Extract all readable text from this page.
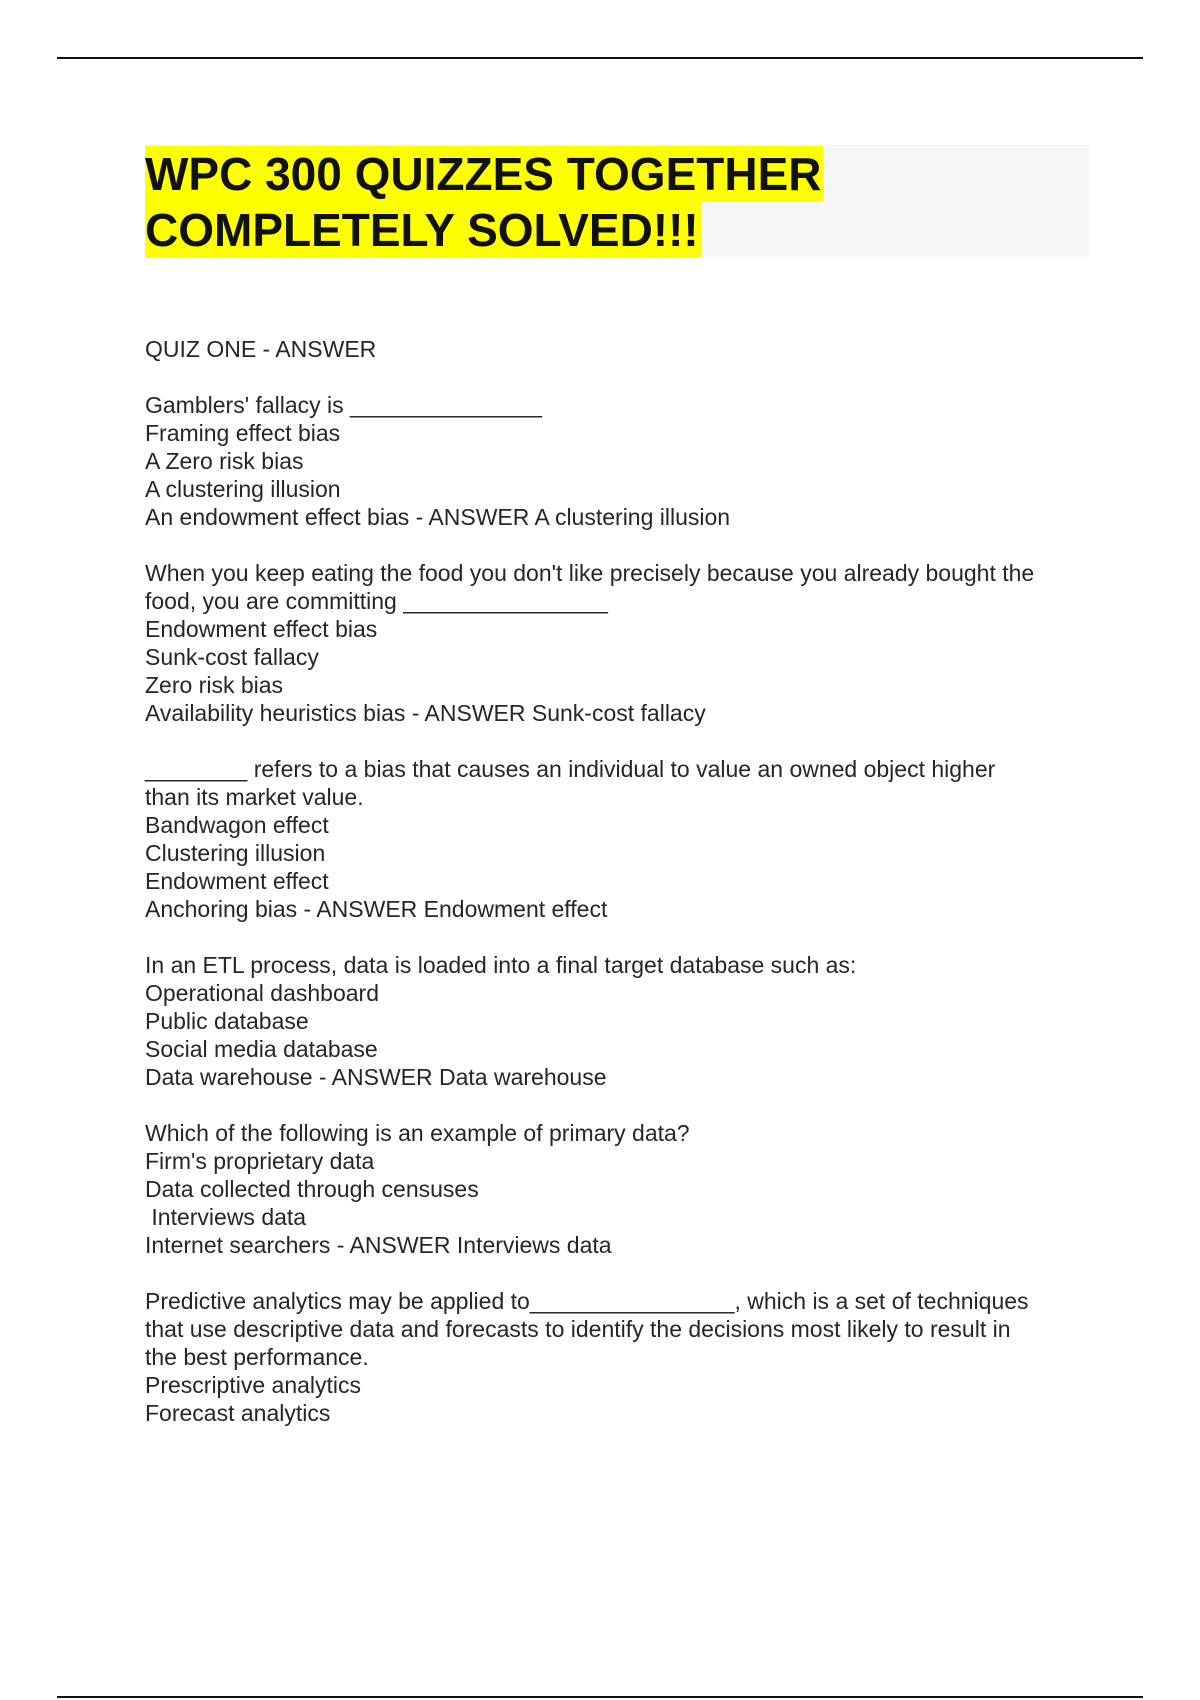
WPC 300 QUIZZES TOGETHER
COMPLETELY SOLVED!!!
QUIZ ONE - ANSWER
Gamblers' fallacy is _______________
Framing effect bias
A Zero risk bias
A clustering illusion
An endowment effect bias - ANSWER A clustering illusion
When you keep eating the food you don't like precisely because you already bought the
food, you are committing ________________
Endowment effect bias
Sunk-cost fallacy
Zero risk bias
Availability heuristics bias - ANSWER Sunk-cost fallacy
________ refers to a bias that causes an individual to value an owned object higher
than its market value.
Bandwagon effect
Clustering illusion
Endowment effect
Anchoring bias - ANSWER Endowment effect
In an ETL process, data is loaded into a final target database such as:
Operational dashboard
Public database
Social media database
Data warehouse - ANSWER Data warehouse
Which of the following is an example of primary data?
Firm's proprietary data
Data collected through censuses
Interviews data
Internet searchers - ANSWER Interviews data
Predictive analytics may be applied to________________, which is a set of techniques
that use descriptive data and forecasts to identify the decisions most likely to result in
the best performance.
Prescriptive analytics
Forecast analytics
